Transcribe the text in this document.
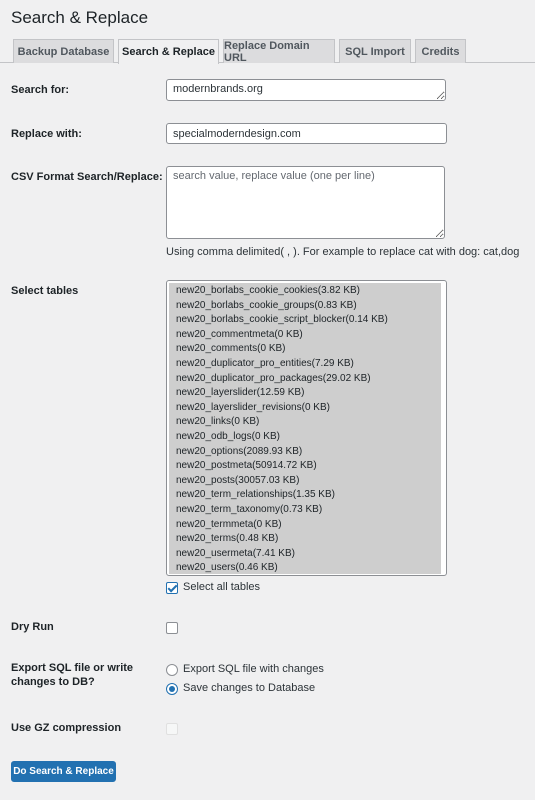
Search & Replace
Backup Database	Search & Replace
Replace Domain URL	SQL Import	Credits
Search for:
modernbrands.org
Replace with:
specialmoderndesign.com
CSV Format Search/Replace:
search value, replace value (one per line)
Using comma delimited( , ). For example to replace cat with dog: cat,dog
Select tables	new20_borlabs_cookie_cookies(3.82 KB)
new20_borlabs_cookie_groups(0.83 KB)
new20_borlabs_cookie_script_blocker(0.14 KB)
new20_commentmeta(0 KB)
new20_comments(0 KB)
new20_duplicator_pro_entities(7.29 KB)
new20_duplicator_pro_packages(29.02 KB)
new20_layerslider(12.59 KB)
new20_layerslider_revisions(0 KB)
new20_links(0 KB)
new20_odb_logs(0 KB)
new20_options(2089.93 KB)
new20_postmeta(50914.72 KB)
new20_posts(30057.03 KB)
new20_term_relationships(1.35 KB)
new20_term_taxonomy(0.73 KB)
new20_termmeta(0 KB)
new20_terms(0.48 KB)
new20_usermeta(7.41 KB)
new20_users(0.46 KB)
Select all tables
Dry Run
Export SQL file or write
changes to DB?
Export SQL file with changes
Save changes to Database
Use GZ compression
Do Search & Replace
